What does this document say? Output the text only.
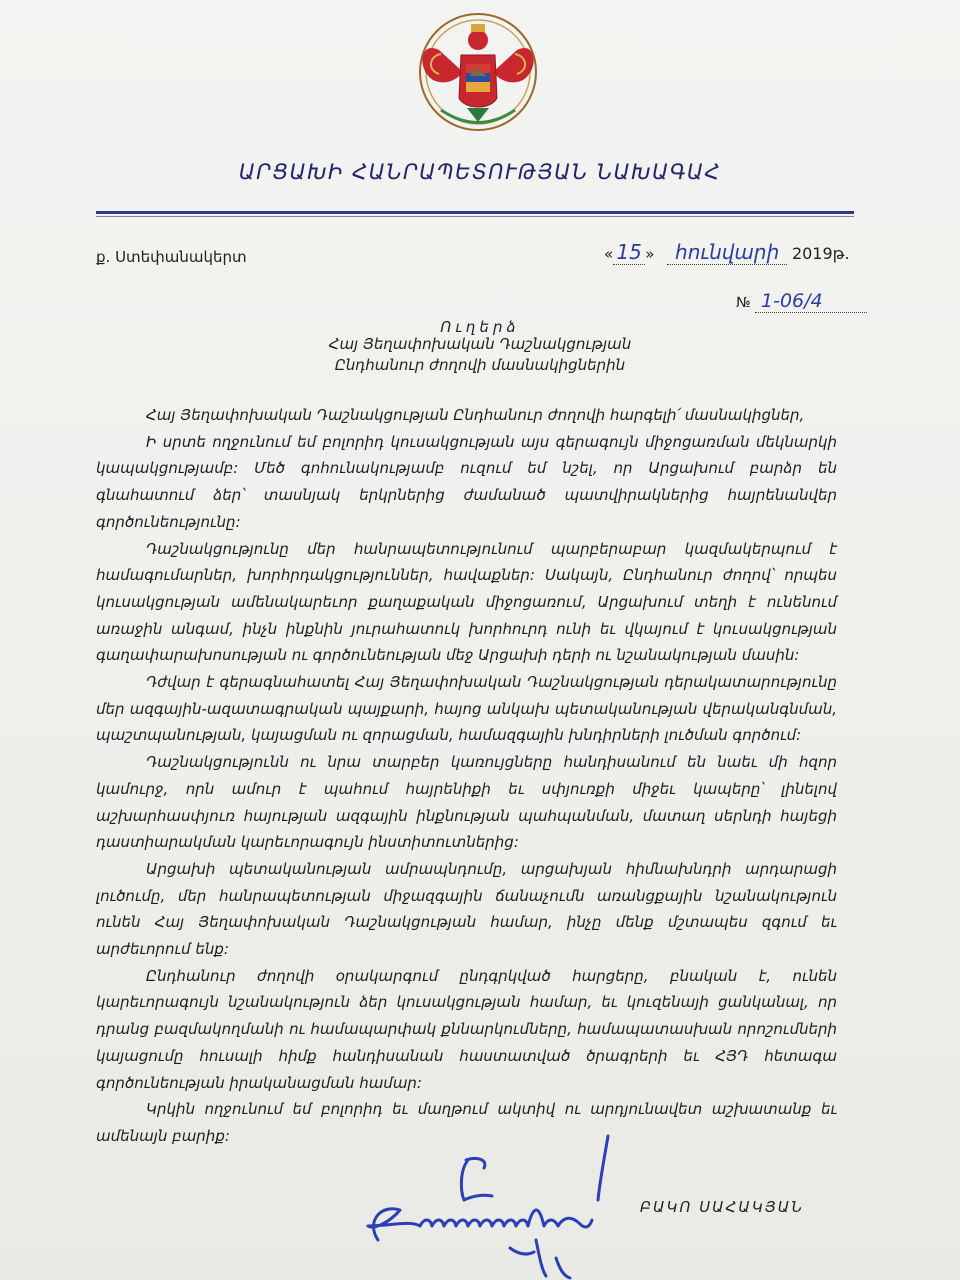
ԱՐՑԱԽԻ ՀԱՆՐԱՊԵՏՈՒԹՅԱՆ ՆԱԽԱԳԱՀ
ք. Ստեփանակերտ	« 15 » հունվարի 2019թ.
№ 1-06/4
Ուղերձ
Հայ Յեղափոխական Դաշնակցության
Ընդհանուր ժողովի մասնակիցներին

Հայ Յեղափոխական Դաշնակցության Ընդհանուր ժողովի հարգելի՛ մասնակիցներ,

Ի սրտե ողջունում եմ բոլորիդ կուսակցության այս գերագույն միջոցառման մեկնարկի կապակցությամբ: Մեծ գոհունակությամբ ուզում եմ նշել, որ Արցախում բարձր են գնահատում ձեր՝ տասնյակ երկրներից ժամանած պատվիրակներից հայրենանվեր գործունեությունը:

Դաշնակցությունը մեր հանրապետությունում պարբերաբար կազմակերպում է համագումարներ, խորհրդակցություններ, հավաքներ: Սակայն, Ընդհանուր ժողով՝ որպես կուսակցության ամենակարեւոր քաղաքական միջոցառում, Արցախում տեղի է ունենում առաջին անգամ, ինչն ինքնին յուրահատուկ խորհուրդ ունի եւ վկայում է կուսակցության գաղափարախոսության ու գործունեության մեջ Արցախի դերի ու նշանակության մասին:

Դժվար է գերագնահատել Հայ Յեղափոխական Դաշնակցության դերակատարությունը մեր ազգային-ազատագրական պայքարի, հայոց անկախ պետականության վերականգնման, պաշտպանության, կայացման ու զորացման, համազգային խնդիրների լուծման գործում:

Դաշնակցությունն ու նրա տարբեր կառույցները հանդիսանում են նաեւ մի հզոր կամուրջ, որն ամուր է պահում հայրենիքի եւ սփյուռքի միջեւ կապերը՝ լինելով աշխարհասփյուռ հայության ազգային ինքնության պահպանման, մատաղ սերնդի հայեցի դաստիարակման կարեւորագույն ինստիտուտներից:

Արցախի պետականության ամրապնդումը, արցախյան հիմնախնդրի արդարացի լուծումը, մեր հանրապետության միջազգային ճանաչումն առանցքային նշանակություն ունեն Հայ Յեղափոխական Դաշնակցության համար, ինչը մենք մշտապես զգում եւ արժեւորում ենք:

Ընդհանուր ժողովի օրակարգում ընդգրկված հարցերը, բնական է, ունեն կարեւորագույն նշանակություն ձեր կուսակցության համար, եւ կուզենայի ցանկանալ, որ դրանց բազմակողմանի ու համապարփակ քննարկումները, համապատասխան որոշումների կայացումը հուսալի հիմք հանդիսանան հաստատված ծրագրերի եւ ՀՅԴ հետագա գործունեության իրականացման համար:

Կրկին ողջունում եմ բոլորիդ եւ մաղթում ակտիվ ու արդյունավետ աշխատանք եւ ամենայն բարիք:

ԲԱԿՈ ՍԱՀԱԿՅԱՆ
